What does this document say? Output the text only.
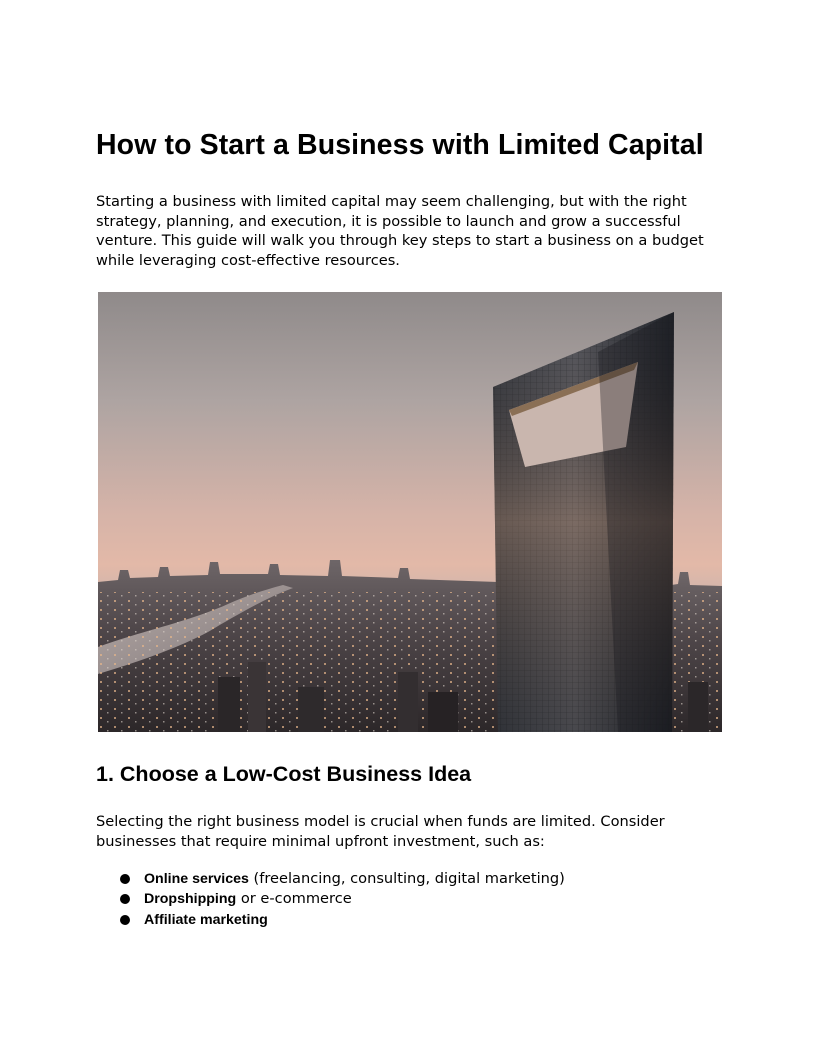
How to Start a Business with Limited Capital

Starting a business with limited capital may seem challenging, but with the right strategy, planning, and execution, it is possible to launch and grow a successful venture. This guide will walk you through key steps to start a business on a budget while leveraging cost-effective resources.

1. Choose a Low-Cost Business Idea

Selecting the right business model is crucial when funds are limited. Consider businesses that require minimal upfront investment, such as:

Online services (freelancing, consulting, digital marketing)
Dropshipping or e-commerce
Affiliate marketing
